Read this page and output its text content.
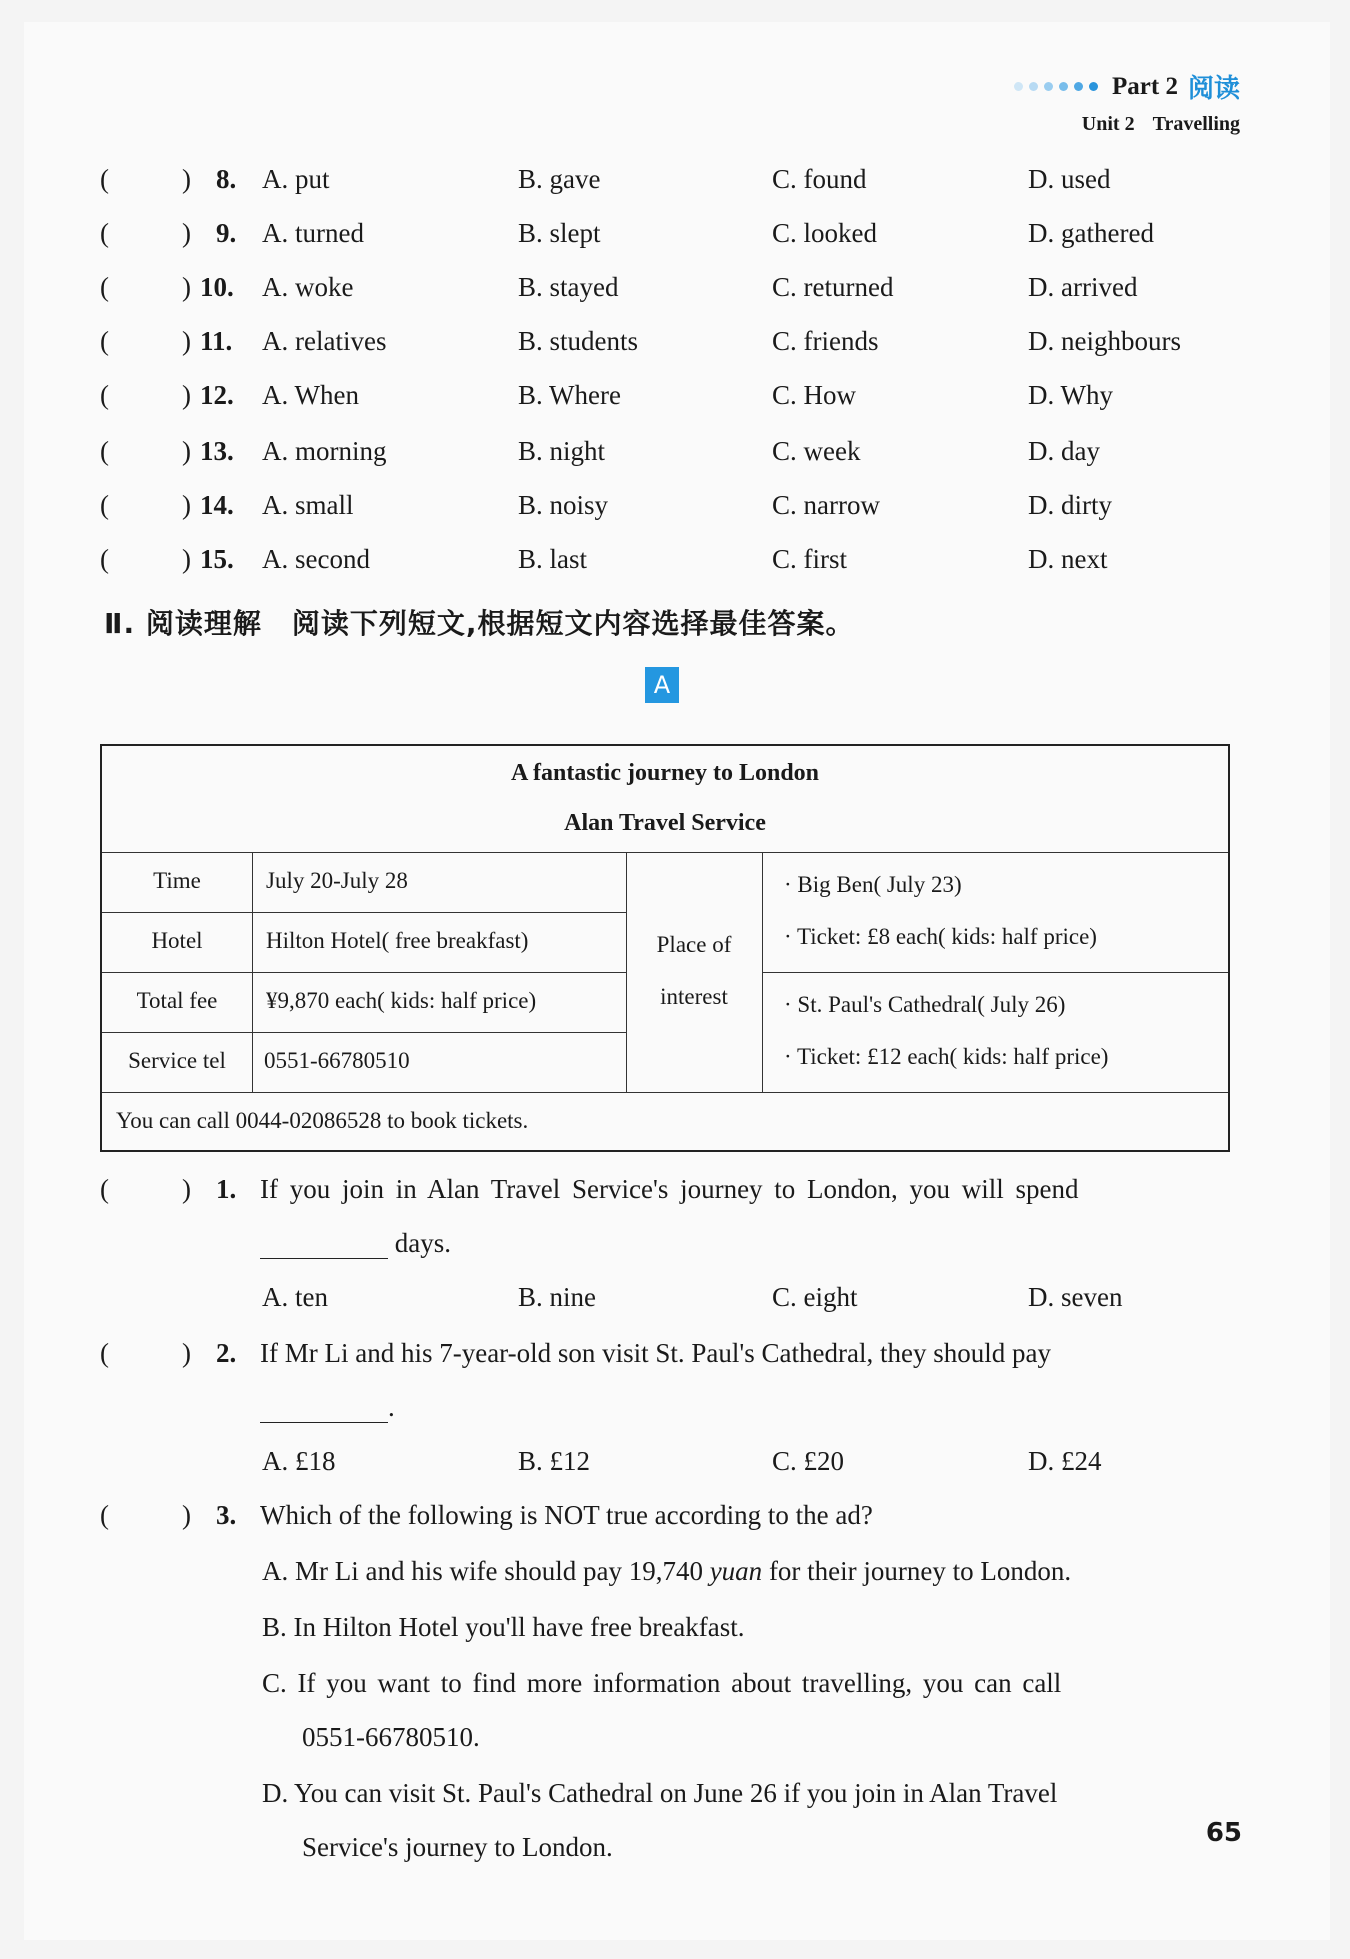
Part 2 阅读
Unit 2 Travelling
(	) 8. A. put	B. gave	C. found	D. used
(	) 9. A. turned	B. slept	C. looked	D. gathered
(	) 10. A. woke	B. stayed	C. returned	D. arrived
(	) 11. A. relatives	B. students	C. friends	D. neighbours
(	) 12. A. When	B. Where	C. How	D. Why
(	) 13. A. morning	B. night	C. week	D. day
(	) 14. A. small	B. noisy	C. narrow	D. dirty
(	) 15. A. second	B. last	C. first	D. next
Ⅱ. 阅读理解 阅读下列短文,根据短文内容选择最佳答案。
A
A fantastic journey to London
Alan Travel Service
Time	July 20-July 28
Hotel	Hilton Hotel( free breakfast)
Total fee	¥9,870 each( kids: half price)
Service tel	0551-66780510
Place of
interest
· Big Ben( July 23)
· Ticket: £8 each( kids: half price)
· St. Paul's Cathedral( July 26)
· Ticket: £12 each( kids: half price)
You can call 0044-02086528 to book tickets.
(	) 1. If you join in Alan Travel Service's journey to London, you will spend
days.
A. ten	B. nine	C. eight	D. seven
(	) 2. If Mr Li and his 7-year-old son visit St. Paul's Cathedral, they should pay
.
A. £18	B. £12	C. £20	D. £24
(	) 3. Which of the following is NOT true according to the ad?
A. Mr Li and his wife should pay 19,740 yuan for their journey to London.
B. In Hilton Hotel you'll have free breakfast.
C. If you want to find more information about travelling, you can call
0551-66780510.
D. You can visit St. Paul's Cathedral on June 26 if you join in Alan Travel
Service's journey to London.	65
